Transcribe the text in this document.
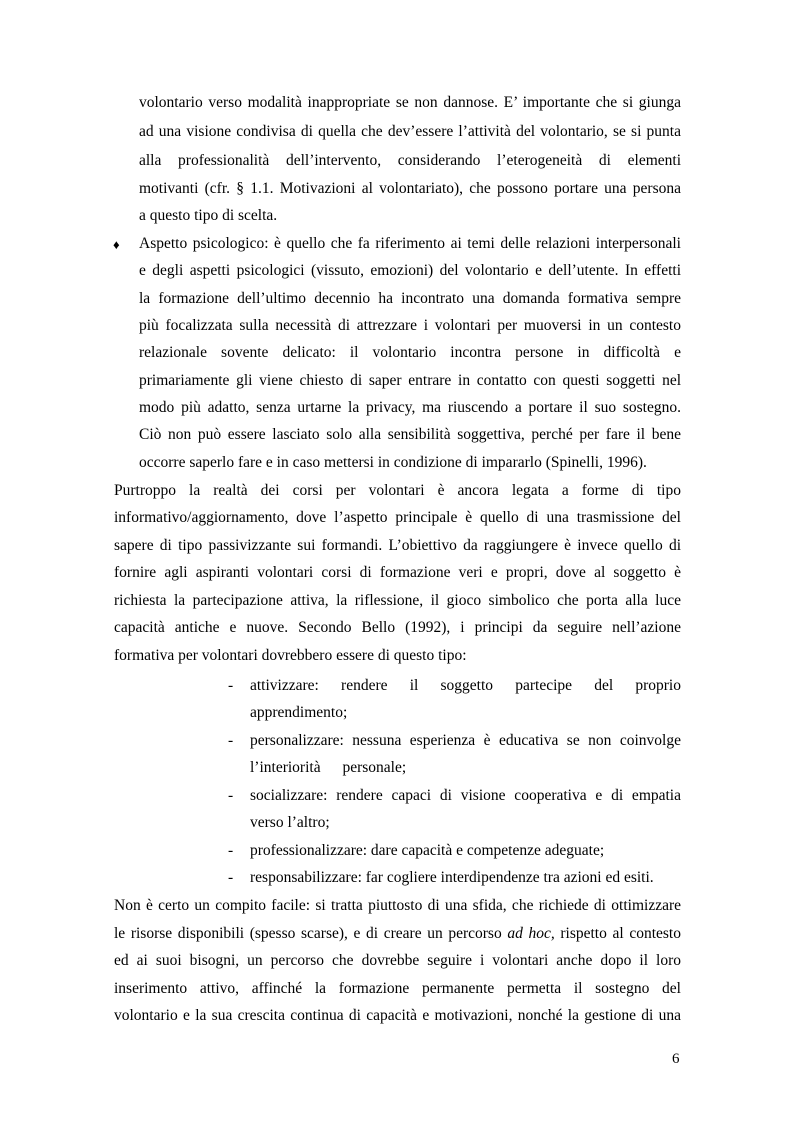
volontario verso modalità inappropriate se non dannose. E’ importante che si giunga
ad una visione condivisa di quella che dev’essere l’attività del volontario, se si punta
alla professionalità dell’intervento, considerando l’eterogeneità di elementi
motivanti (cfr. § 1.1. Motivazioni al volontariato), che possono portare una persona
a questo tipo di scelta.
♦ Aspetto psicologico: è quello che fa riferimento ai temi delle relazioni interpersonali
e degli aspetti psicologici (vissuto, emozioni) del volontario e dell’utente. In effetti
la formazione dell’ultimo decennio ha incontrato una domanda formativa sempre
più focalizzata sulla necessità di attrezzare i volontari per muoversi in un contesto
relazionale sovente delicato: il volontario incontra persone in difficoltà e
primariamente gli viene chiesto di saper entrare in contatto con questi soggetti nel
modo più adatto, senza urtarne la privacy, ma riuscendo a portare il suo sostegno.
Ciò non può essere lasciato solo alla sensibilità soggettiva, perché per fare il bene
occorre saperlo fare e in caso mettersi in condizione di impararlo (Spinelli, 1996).
Purtroppo la realtà dei corsi per volontari è ancora legata a forme di tipo
informativo/aggiornamento, dove l’aspetto principale è quello di una trasmissione del
sapere di tipo passivizzante sui formandi. L’obiettivo da raggiungere è invece quello di
fornire agli aspiranti volontari corsi di formazione veri e propri, dove al soggetto è
richiesta la partecipazione attiva, la riflessione, il gioco simbolico che porta alla luce
capacità antiche e nuove. Secondo Bello (1992), i principi da seguire nell’azione
formativa per volontari dovrebbero essere di questo tipo:
- attivizzare: rendere il soggetto partecipe del proprio
apprendimento;
- personalizzare: nessuna esperienza è educativa se non coinvolge
l’interiorità personale;
- socializzare: rendere capaci di visione cooperativa e di empatia
verso l’altro;
- professionalizzare: dare capacità e competenze adeguate;
- responsabilizzare: far cogliere interdipendenze tra azioni ed esiti.
Non è certo un compito facile: si tratta piuttosto di una sfida, che richiede di ottimizzare
le risorse disponibili (spesso scarse), e di creare un percorso ad hoc, rispetto al contesto
ed ai suoi bisogni, un percorso che dovrebbe seguire i volontari anche dopo il loro
inserimento attivo, affinché la formazione permanente permetta il sostegno del
volontario e la sua crescita continua di capacità e motivazioni, nonché la gestione di una
6
